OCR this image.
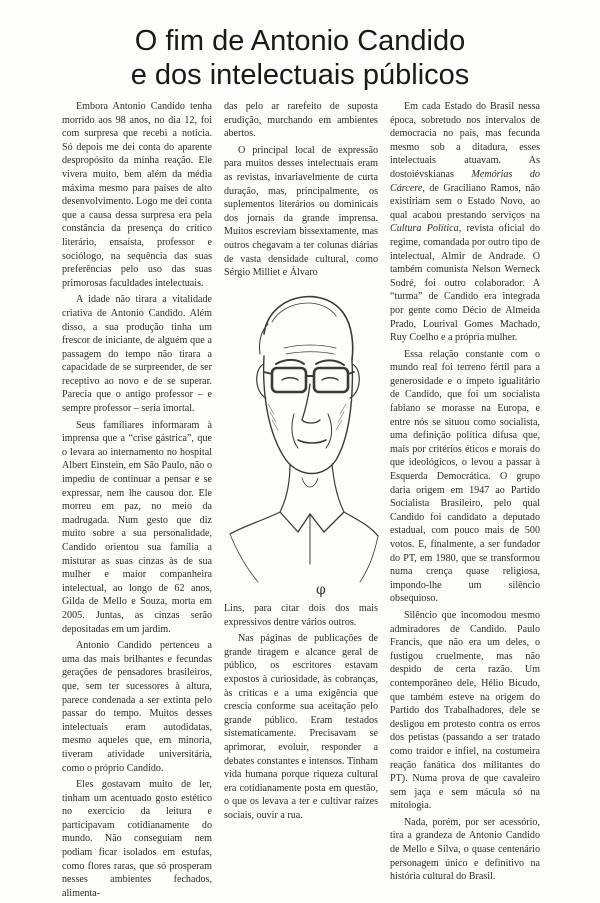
O fim de Antonio Candido
e dos intelectuais públicos

Embora Antonio Candido tenha morrido aos 98 anos, no dia 12, foi com surpresa que recebi a notícia. Só depois me dei conta do aparente despropósito da minha reação. Ele vivera muito, bem além da média máxima mesmo para países de alto desenvolvimento. Logo me dei conta que a causa dessa surpresa era pela constância da presença do crítico literário, ensaísta, professor e sociólogo, na sequência das suas preferências pelo uso das suas primorosas faculdades intelectuais.

A idade não tirara a vitalidade criativa de Antonio Candido. Além disso, a sua produção tinha um frescor de iniciante, de alguém que a passagem do tempo não tirara a capacidade de se surpreender, de ser receptivo ao novo e de se superar. Parecia que o antigo professor – e sempre professor – seria imortal.

Seus familiares informaram à imprensa que a “crise gástrica”, que o levara ao internamento no hospital Albert Einstein, em São Paulo, não o impediu de continuar a pensar e se expressar, nem lhe causou dor. Ele morreu em paz, no meio da madrugada. Num gesto que diz muito sobre a sua personalidade, Candido orientou sua família a misturar as suas cinzas às de sua mulher e maior companheira intelectual, ao longo de 62 anos, Gilda de Mello e Souza, morta em 2005. Juntas, as cinzas serão depositadas em um jardim.

Antonio Candido pertenceu a uma das mais brilhantes e fecundas gerações de pensadores brasileiros, que, sem ter sucessores à altura, parece condenada a ser extinta pelo passar do tempo. Muitos desses intelectuais eram autodidatas, mesmo aqueles que, em minoria, tiveram atividade universitária, como o próprio Candido.

Eles gostavam muito de ler, tinham um acentuado gosto estético no exercício da leitura e participavam cotidianamente do mundo. Não conseguiam nem podiam ficar isolados em estufas, como flores raras, que só prosperam nesses ambientes fechados, alimenta-

das pelo ar rarefeito de suposta erudição, murchando em ambientes abertos.

O principal local de expressão para muitos desses intelectuais eram as revistas, invariavelmente de curta duração, mas, principalmente, os suplementos literários ou dominicais dos jornais da grande imprensa. Muitos escreviam bissextamente, mas outros chegavam a ter colunas diárias de vasta densidade cultural, como Sérgio Milliet e Álvaro

φ

Lins, para citar dois dos mais expressivos dentre vários outros.

Nas páginas de publicações de grande tiragem e alcance geral de público, os escritores estavam expostos à curiosidade, às cobranças, às críticas e a uma exigência que crescia conforme sua aceitação pelo grande público. Eram testados sistematicamente. Precisavam se aprimorar, evoluir, responder a debates constantes e intensos. Tinham vida humana porque riqueza cultural era cotidianamente posta em questão, o que os levava a ter e cultivar raízes sociais, ouvir a rua.

Em cada Estado do Brasil nessa época, sobretudo nos intervalos de democracia no país, mas fecunda mesmo sob a ditadura, esses intelectuais atuavam. As dostoiévskianas Memórias do Cárcere, de Graciliano Ramos, não existiriam sem o Estado Novo, ao qual acabou prestando serviços na Cultura Política, revista oficial do regime, comandada por outro tipo de intelectual, Almir de Andrade. O também comunista Nelson Werneck Sodré, foi outro colaborador. A “turma” de Candido era integrada por gente como Décio de Almeida Prado, Lourival Gomes Machado, Ruy Coelho e a própria mulher.

Essa relação constante com o mundo real foi terreno fértil para a generosidade e o ímpeto igualitário de Candido, que foi um socialista fabiano se morasse na Europa, e entre nós se situou como socialista, uma definição política difusa que, mais por critérios éticos e morais do que ideológicos, o levou a passar à Esquerda Democrática. O grupo daria origem em 1947 ao Partido Socialista Brasileiro, pelo qual Candido foi candidato a deputado estadual, com pouco mais de 500 votos. E, finalmente, a ser fundador do PT, em 1980, que se transformou numa crença quase religiosa, impondo-lhe um silêncio obsequioso.

Silêncio que incomodou mesmo admiradores de Candido. Paulo Francis, que não era um deles, o fustigou cruelmente, mas não despido de certa razão. Um contemporâneo dele, Hélio Bicudo, que também esteve na origem do Partido dos Trabalhadores, dele se desligou em protesto contra os erros dos petistas (passando a ser tratado como traidor e infiel, na costumeira reação fanática dos militantes do PT). Numa prova de que cavaleiro sem jaça e sem mácula só na mitologia.

Nada, porém, por ser acessório, tira a grandeza de Antonio Candido de Mello e Silva, o quase centenário personagem único e definitivo na história cultural do Brasil.
